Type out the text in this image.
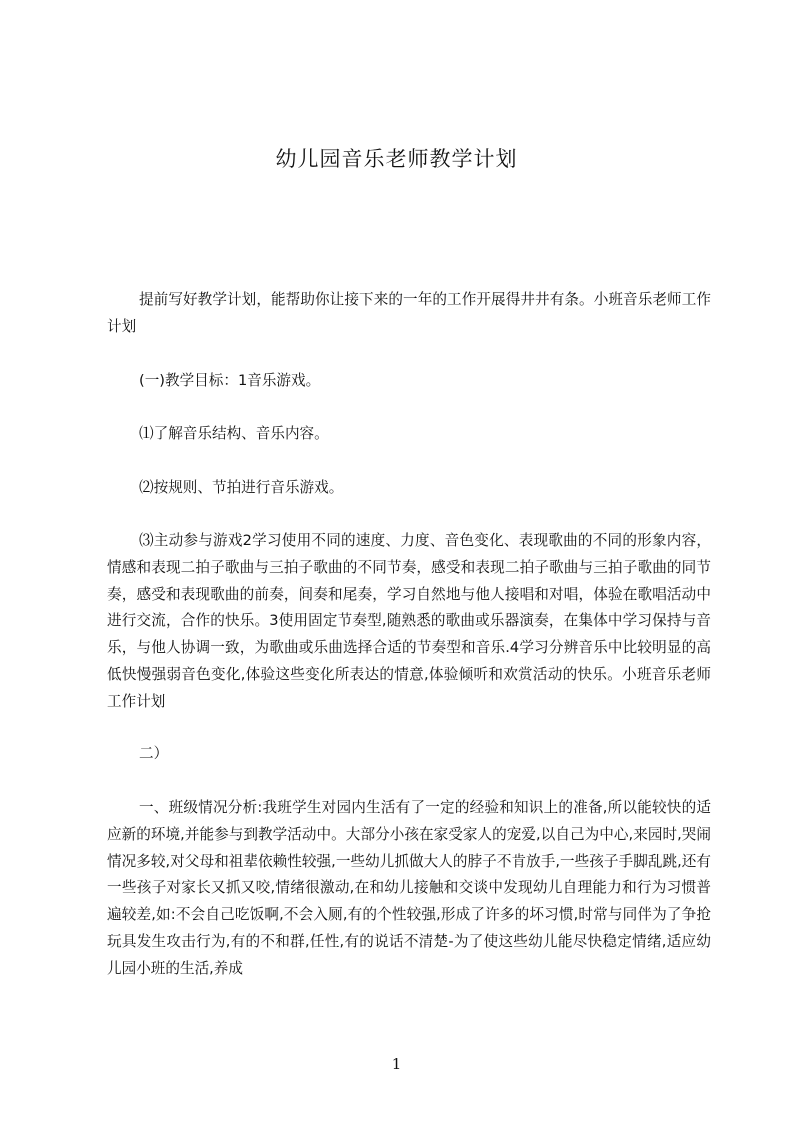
幼儿园音乐老师教学计划
提前写好教学计划，能帮助你让接下来的一年的工作开展得井井有条。小班音乐老师工作计划
(一)教学目标：1音乐游戏。
⑴了解音乐结构、音乐内容。
⑵按规则、节拍进行音乐游戏。
⑶主动参与游戏2学习使用不同的速度、力度、音色变化、表现歌曲的不同的形象内容，情感和表现二拍子歌曲与三拍子歌曲的不同节奏，感受和表现二拍子歌曲与三拍子歌曲的同节奏，感受和表现歌曲的前奏，间奏和尾奏，学习自然地与他人接唱和对唱，体验在歌唱活动中进行交流，合作的快乐。3使用固定节奏型,随熟悉的歌曲或乐器演奏，在集体中学习保持与音乐，与他人协调一致，为歌曲或乐曲选择合适的节奏型和音乐.4学习分辨音乐中比较明显的高低快慢强弱音色变化,体验这些变化所表达的情意,体验倾听和欢赏活动的快乐。小班音乐老师工作计划
二）
一、班级情况分析:我班学生对园内生活有了一定的经验和知识上的准备,所以能较快的适应新的环境,并能参与到教学活动中。大部分小孩在家受家人的宠爱,以自己为中心,来园时,哭闹情况多较,对父母和祖辈依赖性较强,一些幼儿抓做大人的脖子不肯放手,一些孩子手脚乱跳,还有一些孩子对家长又抓又咬,情绪很激动,在和幼儿接触和交谈中发现幼儿自理能力和行为习惯普遍较差,如:不会自己吃饭啊,不会入厕,有的个性较强,形成了许多的坏习惯,时常与同伴为了争抢玩具发生攻击行为,有的不和群,任性,有的说话不清楚-为了使这些幼儿能尽快稳定情绪,适应幼儿园小班的生活,养成
1
